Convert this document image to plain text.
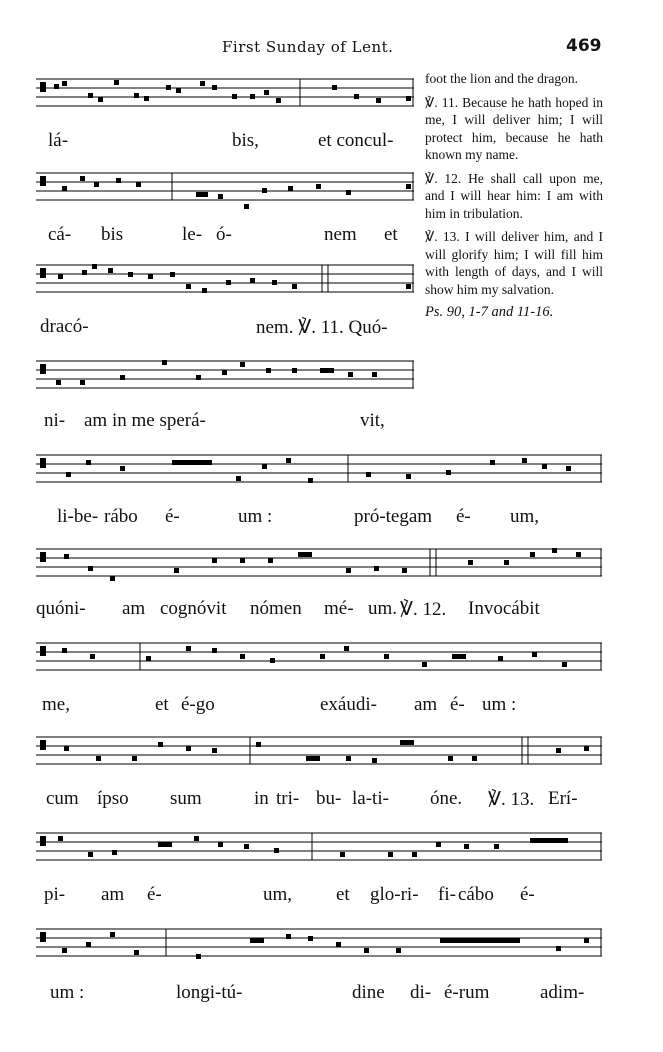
First Sunday of Lent.	469
lá-	bis,	et concul-
cá- bis	le- ó-	nem et
dracó-	nem. ℣. 11. Quó-
ni- am in me sperá-	vit,

foot the lion and the dragon.

℣. 11. Because he hath hoped in me, I will deliver him; I will protect him, because he hath known my name.

℣. 12. He shall call upon me, and I will hear him: I am with him in tribulation.

℣. 13. I will deliver him, and I will glorify him; I will fill him with length of days, and I will show him my salvation.

Ps. 90, 1-7 and 11-16.

li-be- rábo é-	um :	pró-tegam é- um,
quóni- am cognóvit nómen mé- um. ℣. 12. Invocábit
me,	et é-go	exáudi- am é- um :
cum ípso sum	in tri- bu- la-ti- óne. ℣. 13. Erí-
pi- am é-	um, et glo-ri- fi- cábo é-
um :	longi-tú-	dine di- é-rum	adim-
